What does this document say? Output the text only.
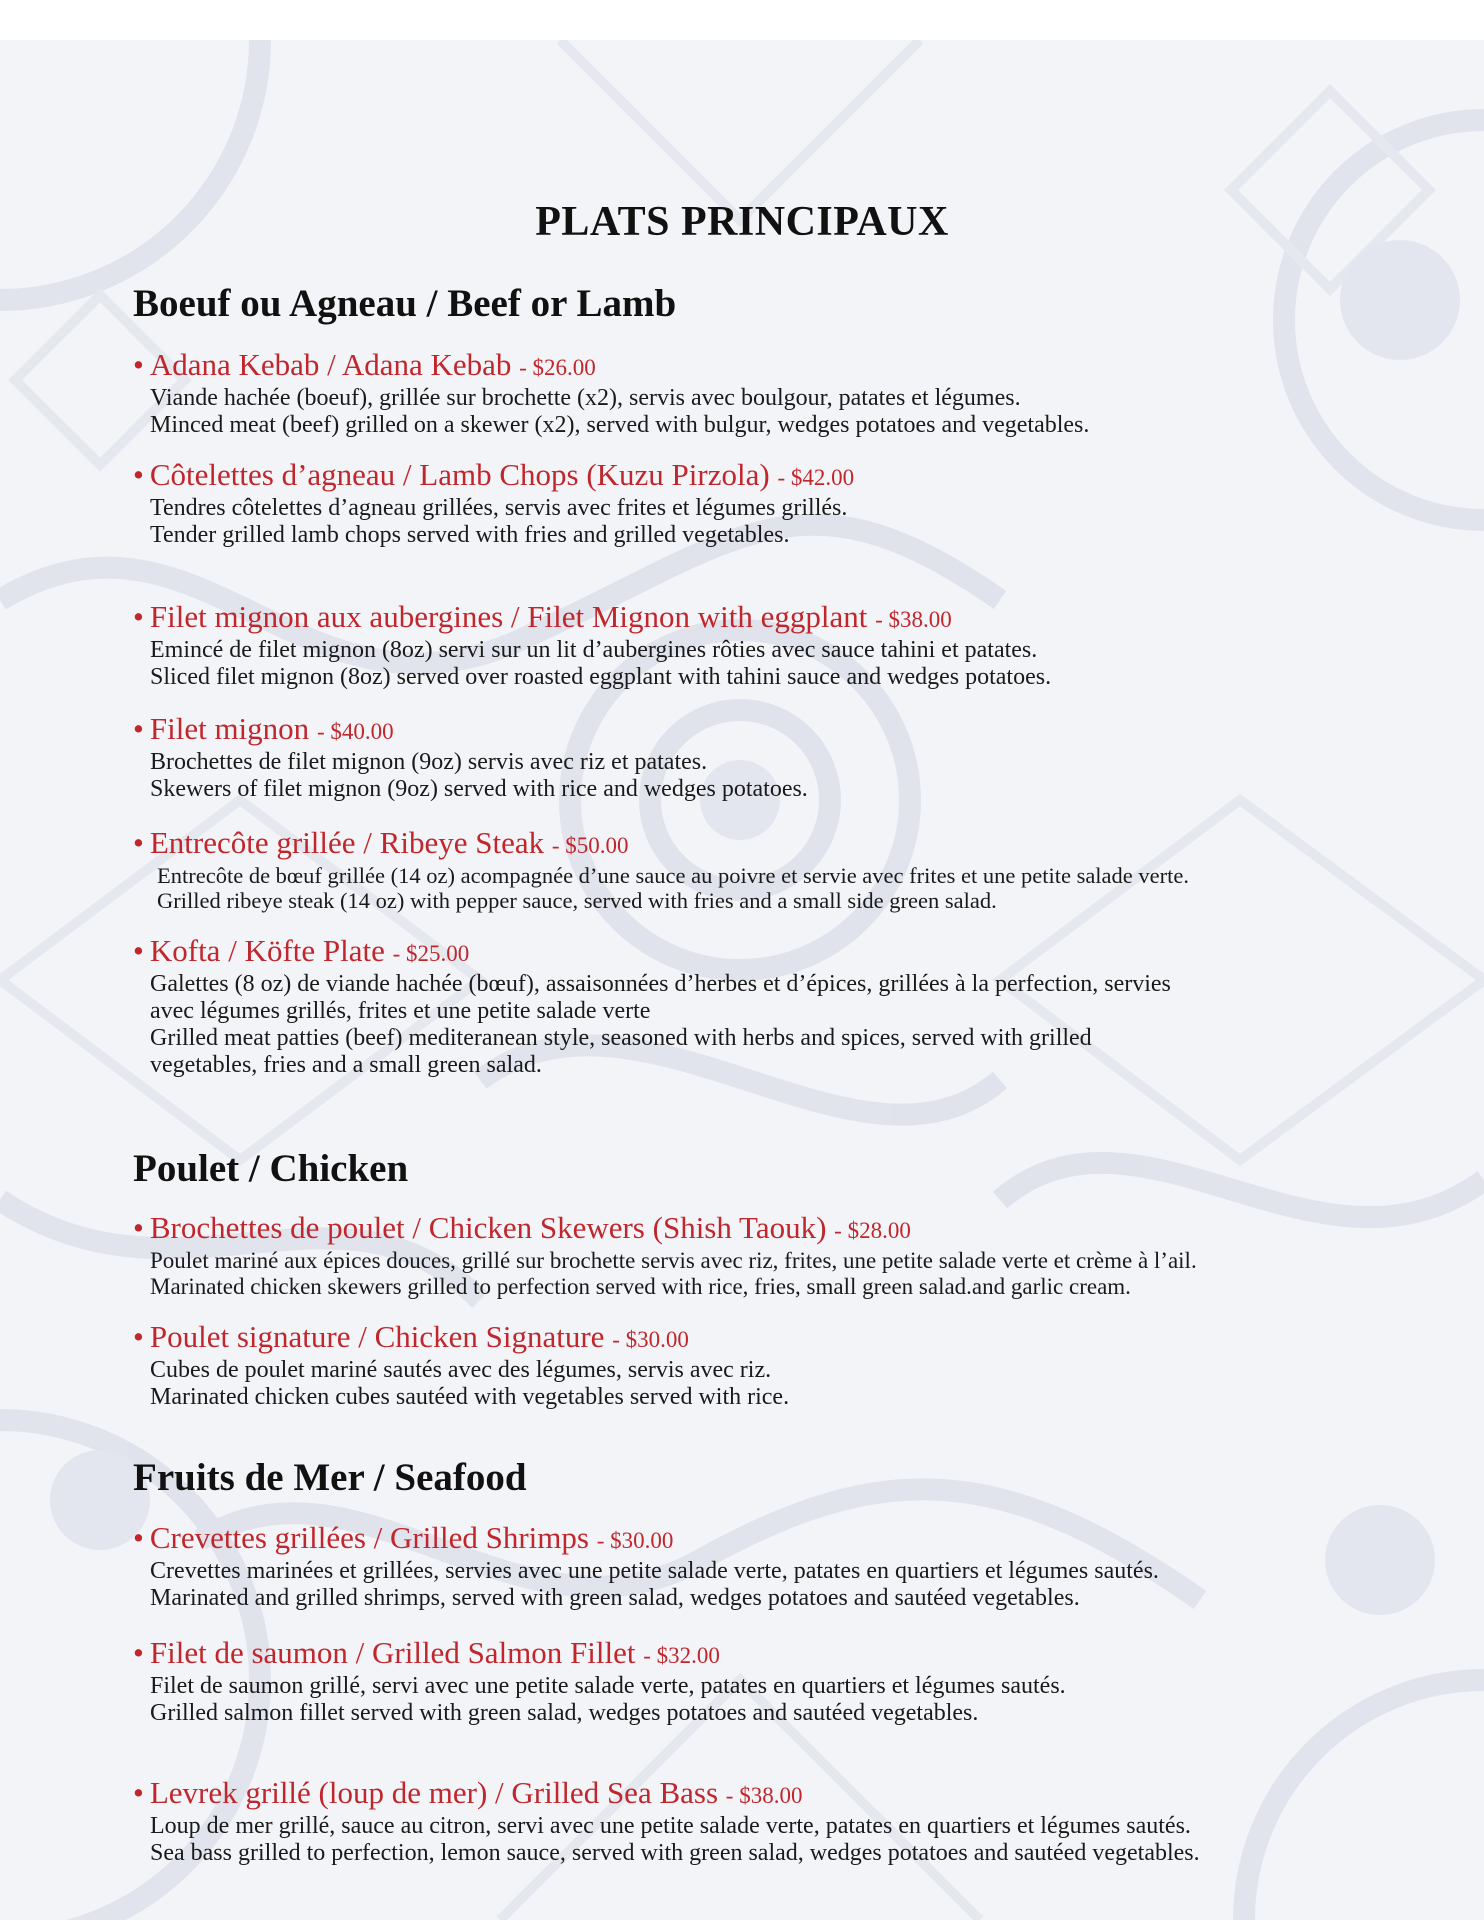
PLATS PRINCIPAUX
Boeuf ou Agneau / Beef or Lamb
• Adana Kebab / Adana Kebab - $26.00
Viande hachée (boeuf), grillée sur brochette (x2), servis avec boulgour, patates et légumes.
Minced meat (beef) grilled on a skewer (x2), served with bulgur, wedges potatoes and vegetables.
• Côtelettes d’agneau / Lamb Chops (Kuzu Pirzola) - $42.00
Tendres côtelettes d’agneau grillées, servis avec frites et légumes grillés.
Tender grilled lamb chops served with fries and grilled vegetables.
• Filet mignon aux aubergines / Filet Mignon with eggplant - $38.00
Emincé de filet mignon (8oz) servi sur un lit d’aubergines rôties avec sauce tahini et patates.
Sliced filet mignon (8oz) served over roasted eggplant with tahini sauce and wedges potatoes.
• Filet mignon - $40.00
Brochettes de filet mignon (9oz) servis avec riz et patates.
Skewers of filet mignon (9oz) served with rice and wedges potatoes.
• Entrecôte grillée / Ribeye Steak - $50.00
Entrecôte de bœuf grillée (14 oz) acompagnée d’une sauce au poivre et servie avec frites et une petite salade verte.
Grilled ribeye steak (14 oz) with pepper sauce, served with fries and a small side green salad.
• Kofta / Köfte Plate - $25.00
Galettes (8 oz) de viande hachée (bœuf), assaisonnées d’herbes et d’épices, grillées à la perfection, servies
avec légumes grillés, frites et une petite salade verte
Grilled meat patties (beef) mediteranean style, seasoned with herbs and spices, served with grilled
vegetables, fries and a small green salad.
Poulet / Chicken
• Brochettes de poulet / Chicken Skewers (Shish Taouk) - $28.00
Poulet mariné aux épices douces, grillé sur brochette servis avec riz, frites, une petite salade verte et crème à l’ail.
Marinated chicken skewers grilled to perfection served with rice, fries, small green salad.and garlic cream.
• Poulet signature / Chicken Signature - $30.00
Cubes de poulet mariné sautés avec des légumes, servis avec riz.
Marinated chicken cubes sautéed with vegetables served with rice.
Fruits de Mer / Seafood
• Crevettes grillées / Grilled Shrimps - $30.00
Crevettes marinées et grillées, servies avec une petite salade verte, patates en quartiers et légumes sautés.
Marinated and grilled shrimps, served with green salad, wedges potatoes and sautéed vegetables.
• Filet de saumon / Grilled Salmon Fillet - $32.00
Filet de saumon grillé, servi avec une petite salade verte, patates en quartiers et légumes sautés.
Grilled salmon fillet served with green salad, wedges potatoes and sautéed vegetables.
• Levrek grillé (loup de mer) / Grilled Sea Bass - $38.00
Loup de mer grillé, sauce au citron, servi avec une petite salade verte, patates en quartiers et légumes sautés.
Sea bass grilled to perfection, lemon sauce, served with green salad, wedges potatoes and sautéed vegetables.
